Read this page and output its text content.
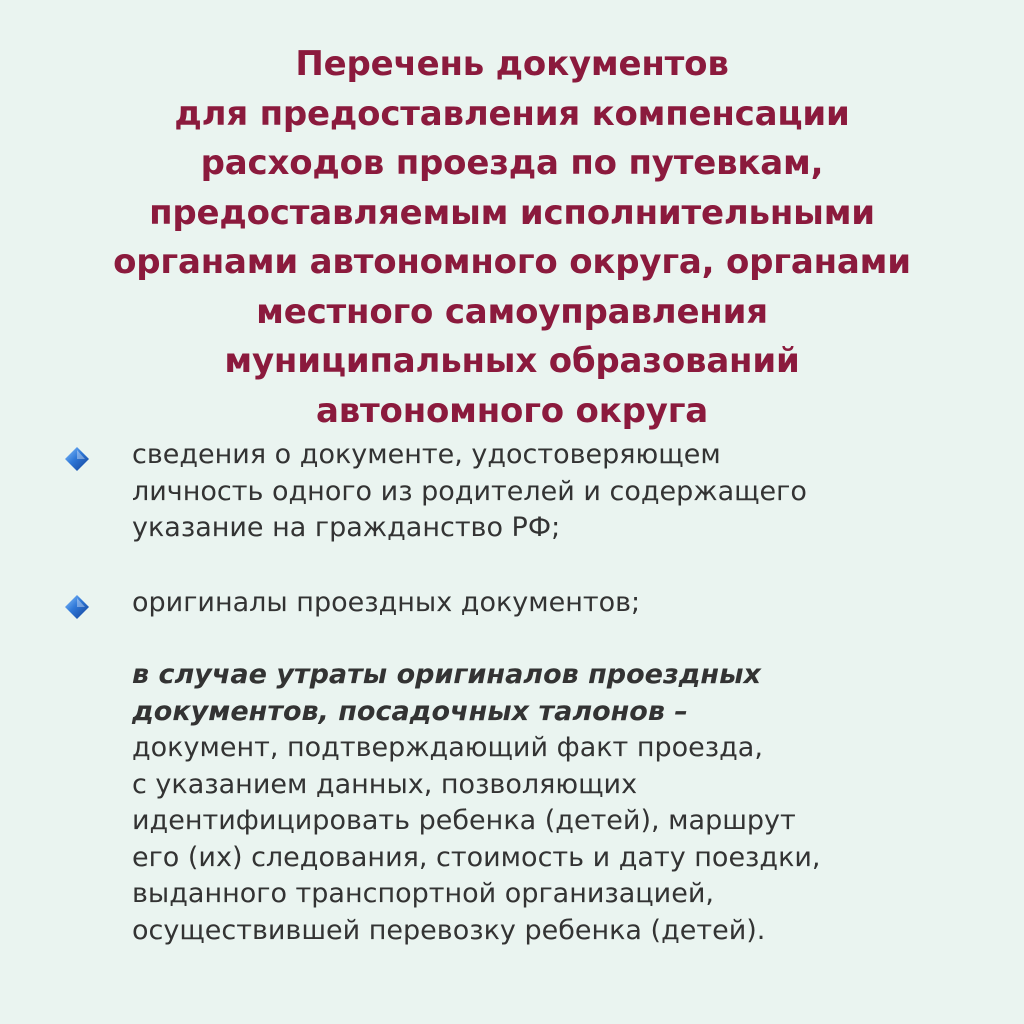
Перечень документов
для предоставления компенсации
расходов проезда по путевкам,
предоставляемым исполнительными
органами автономного округа, органами
местного самоуправления
муниципальных образований
автономного округа
сведения о документе, удостоверяющем
личность одного из родителей и содержащего
указание на гражданство РФ;
оригиналы проездных документов;
в случае утраты оригиналов проездных
документов, посадочных талонов –
документ, подтверждающий факт проезда,
с указанием данных, позволяющих
идентифицировать ребенка (детей), маршрут
его (их) следования, стоимость и дату поездки,
выданного транспортной организацией,
осуществившей перевозку ребенка (детей).
